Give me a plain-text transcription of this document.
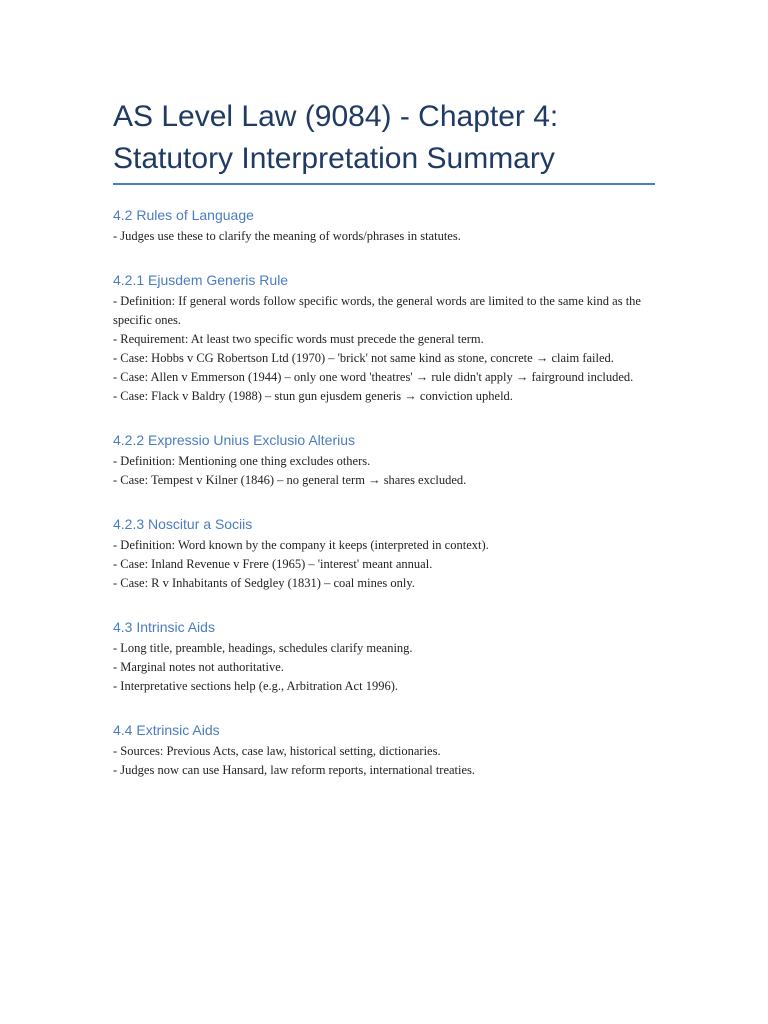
AS Level Law (9084) - Chapter 4:
Statutory Interpretation Summary
4.2 Rules of Language

- Judges use these to clarify the meaning of words/phrases in statutes.

4.2.1 Ejusdem Generis Rule

- Definition: If general words follow specific words, the general words are limited to the same kind as the specific ones.

- Requirement: At least two specific words must precede the general term.

- Case: Hobbs v CG Robertson Ltd (1970) – 'brick' not same kind as stone, concrete → claim failed.

- Case: Allen v Emmerson (1944) – only one word 'theatres' → rule didn't apply → fairground included.

- Case: Flack v Baldry (1988) – stun gun ejusdem generis → conviction upheld.

4.2.2 Expressio Unius Exclusio Alterius

- Definition: Mentioning one thing excludes others.

- Case: Tempest v Kilner (1846) – no general term → shares excluded.

4.2.3 Noscitur a Sociis

- Definition: Word known by the company it keeps (interpreted in context).

- Case: Inland Revenue v Frere (1965) – 'interest' meant annual.

- Case: R v Inhabitants of Sedgley (1831) – coal mines only.

4.3 Intrinsic Aids

- Long title, preamble, headings, schedules clarify meaning.

- Marginal notes not authoritative.

- Interpretative sections help (e.g., Arbitration Act 1996).

4.4 Extrinsic Aids

- Sources: Previous Acts, case law, historical setting, dictionaries.

- Judges now can use Hansard, law reform reports, international treaties.
